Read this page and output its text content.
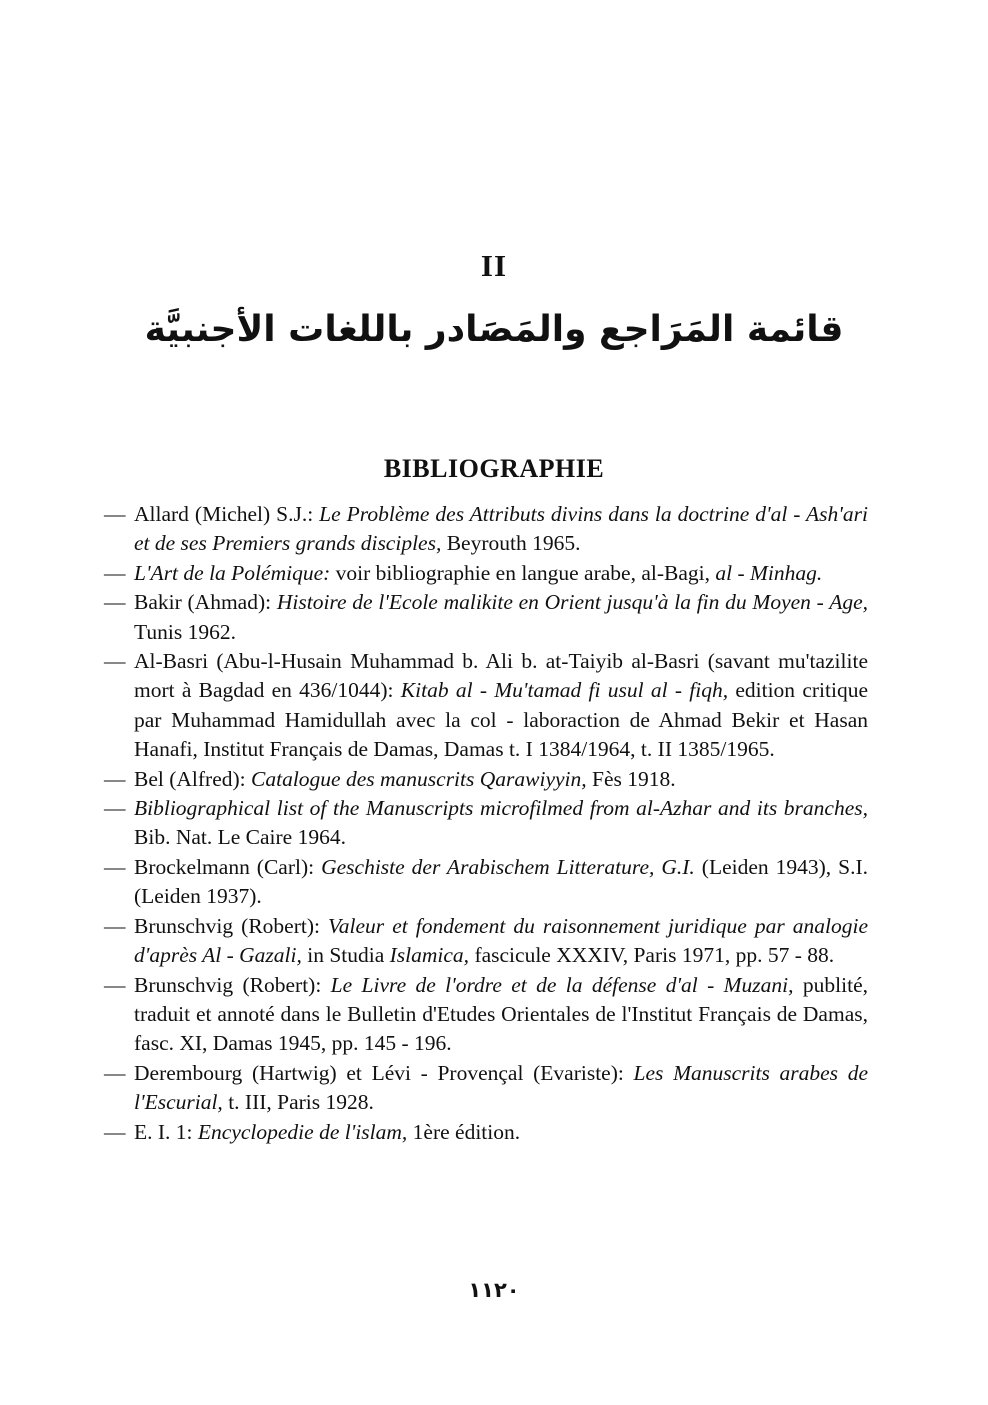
II
قائمة المَرَاجع والمَصَادر باللغات الأجنبيَّة
BIBLIOGRAPHIE
— Allard (Michel) S.J.: Le Problème des Attributs divins dans la doctrine d'al - Ash'ari et de ses Premiers grands disciples, Beyrouth 1965.
— L'Art de la Polémique: voir bibliographie en langue arabe, al-Bagi, al - Minhag.
— Bakir (Ahmad): Histoire de l'Ecole malikite en Orient jusqu'à la fin du Moyen - Age, Tunis 1962.
— Al-Basri (Abu-l-Husain Muhammad b. Ali b. at-Taiyib al-Basri (savant mu'tazilite mort à Bagdad en 436/1044): Kitab al - Mu'tamad fi usul al - fiqh, edition critique par Muhammad Hamidullah avec la col - laboraction de Ahmad Bekir et Hasan Hanafi, Institut Français de Damas, Damas t. I 1384/1964, t. II 1385/1965.
— Bel (Alfred): Catalogue des manuscrits Qarawiyyin, Fès 1918.
— Bibliographical list of the Manuscripts microfilmed from al-Azhar and its branches, Bib. Nat. Le Caire 1964.
— Brockelmann (Carl): Geschiste der Arabischem Litterature, G.I. (Leiden 1943), S.I. (Leiden 1937).
— Brunschvig (Robert): Valeur et fondement du raisonnement juridique par analogie d'après Al - Gazali, in Studia Islamica, fascicule XXXIV, Paris 1971, pp. 57 - 88.
— Brunschvig (Robert): Le Livre de l'ordre et de la défense d'al - Muzani, publité, traduit et annoté dans le Bulletin d'Etudes Orientales de l'Institut Français de Damas, fasc. XI, Damas 1945, pp. 145 - 196.
— Derembourg (Hartwig) et Lévi - Provençal (Evariste): Les Manuscrits arabes de l'Escurial, t. III, Paris 1928.
— E. I. 1: Encyclopedie de l'islam, 1ère édition.
١١٢٠
